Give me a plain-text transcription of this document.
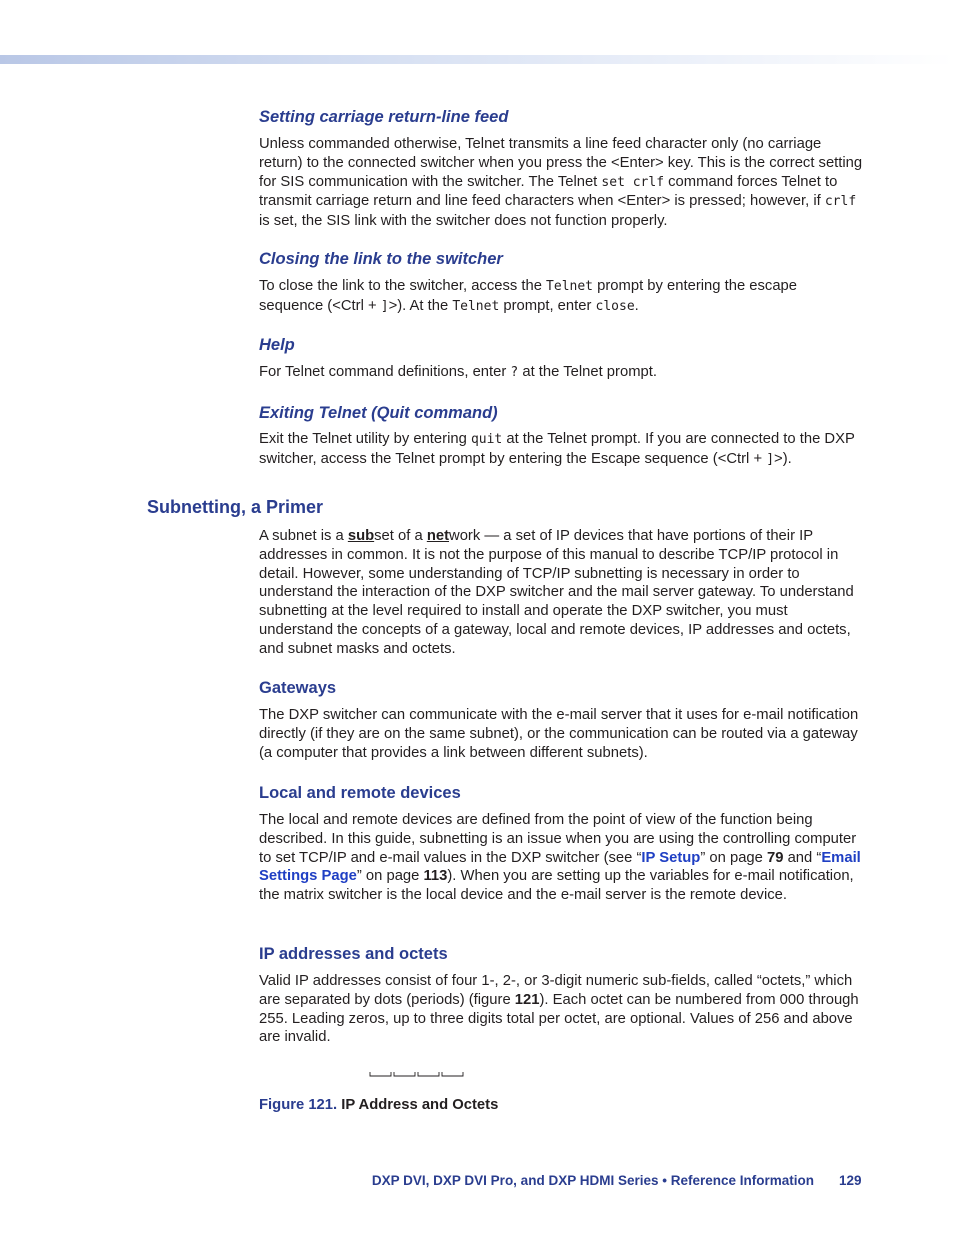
Setting carriage return-line feed

Unless commanded otherwise, Telnet transmits a line feed character only (no carriage return) to the connected switcher when you press the <Enter> key. This is the correct setting for SIS communication with the switcher. The Telnet set crlf command forces Telnet to transmit carriage return and line feed characters when <Enter> is pressed; however, if crlf is set, the SIS link with the switcher does not function properly.

Closing the link to the switcher

To close the link to the switcher, access the Telnet prompt by entering the escape sequence (<Ctrl + ]>). At the Telnet prompt, enter close.

Help

For Telnet command definitions, enter ? at the Telnet prompt.

Exiting Telnet (Quit command)

Exit the Telnet utility by entering quit at the Telnet prompt. If you are connected to the DXP switcher, access the Telnet prompt by entering the Escape sequence (<Ctrl + ]>).

Subnetting, a Primer

A subnet is a subset of a network — a set of IP devices that have portions of their IP addresses in common. It is not the purpose of this manual to describe TCP/IP protocol in detail. However, some understanding of TCP/IP subnetting is necessary in order to understand the interaction of the DXP switcher and the mail server gateway. To understand subnetting at the level required to install and operate the DXP switcher, you must understand the concepts of a gateway, local and remote devices, IP addresses and octets, and subnet masks and octets.

Gateways

The DXP switcher can communicate with the e-mail server that it uses for e-mail notification directly (if they are on the same subnet), or the communication can be routed via a gateway (a computer that provides a link between different subnets).

Local and remote devices

The local and remote devices are defined from the point of view of the function being described. In this guide, subnetting is an issue when you are using the controlling computer to set TCP/IP and e-mail values in the DXP switcher (see “IP Setup” on page 79 and “Email Settings Page” on page 113). When you are setting up the variables for e-mail notification, the matrix switcher is the local device and the e-mail server is the remote device.

IP addresses and octets

Valid IP addresses consist of four 1-, 2-, or 3-digit numeric sub-fields, called “octets,” which are separated by dots (periods) (figure 121). Each octet can be numbered from 000 through 255. Leading zeros, up to three digits total per octet, are optional. Values of 256 and above are invalid.

Figure 121. IP Address and Octets

DXP DVI, DXP DVI Pro, and DXP HDMI Series • Reference Information 129
